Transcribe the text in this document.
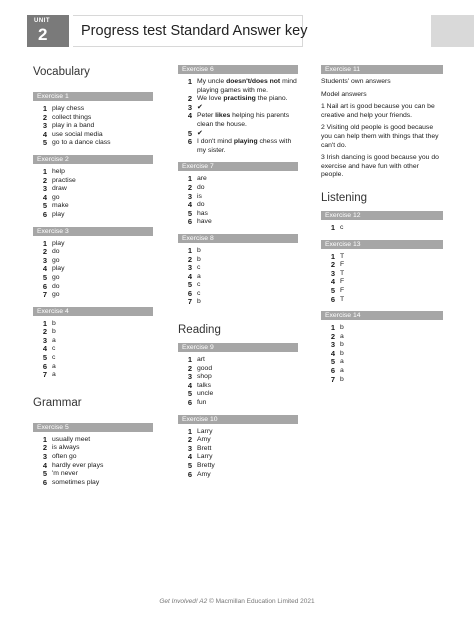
UNIT
2 Progress test Standard Answer key
Vocabulary
Exercise 1
1 play chess
2 collect things
3 play in a band
4 use social media
5 go to a dance class
Exercise 2
1 help
2 practise
3 draw
4 go
5 make
6 play
Exercise 3
1 play
2 do
3 go
4 play
5 go
6 do
7 go
Exercise 4
1 b
2 b
3 a
4 c
5 c
6 a
7 a
Grammar
Exercise 5
1 usually meet
2 is always
3 often go
4 hardly ever plays
5 'm never
6 sometimes play
Exercise 6
1 My uncle doesn't/does not mind playing games with me.
2 We love practising the piano.
3 ✔
4 Peter likes helping his parents clean the house.
5 ✔
6 I don't mind playing chess with my sister.
Exercise 7
1 are
2 do
3 is
4 do
5 has
6 have
Exercise 8
1 b
2 b
3 c
4 a
5 c
6 c
7 b
Reading
Exercise 9
1 art
2 good
3 shop
4 talks
5 uncle
6 fun
Exercise 10
1 Larry
2 Amy
3 Brett
4 Larry
5 Bretty
6 Amy
Exercise 11

Students' own answers

Model answers

1 Nail art is good because you can be creative and help your friends.

2 Visiting old people is good because you can help them with things that they can't do.

3 Irish dancing is good because you do exercise and have fun with other people.

Listening
Exercise 12
1 c
Exercise 13
1 T
2 F
3 T
4 F
5 F
6 T
Exercise 14
1 b
2 a
3 b
4 b
5 a
6 a
7 b
Get Involved! A2 © Macmillan Education Limited 2021
